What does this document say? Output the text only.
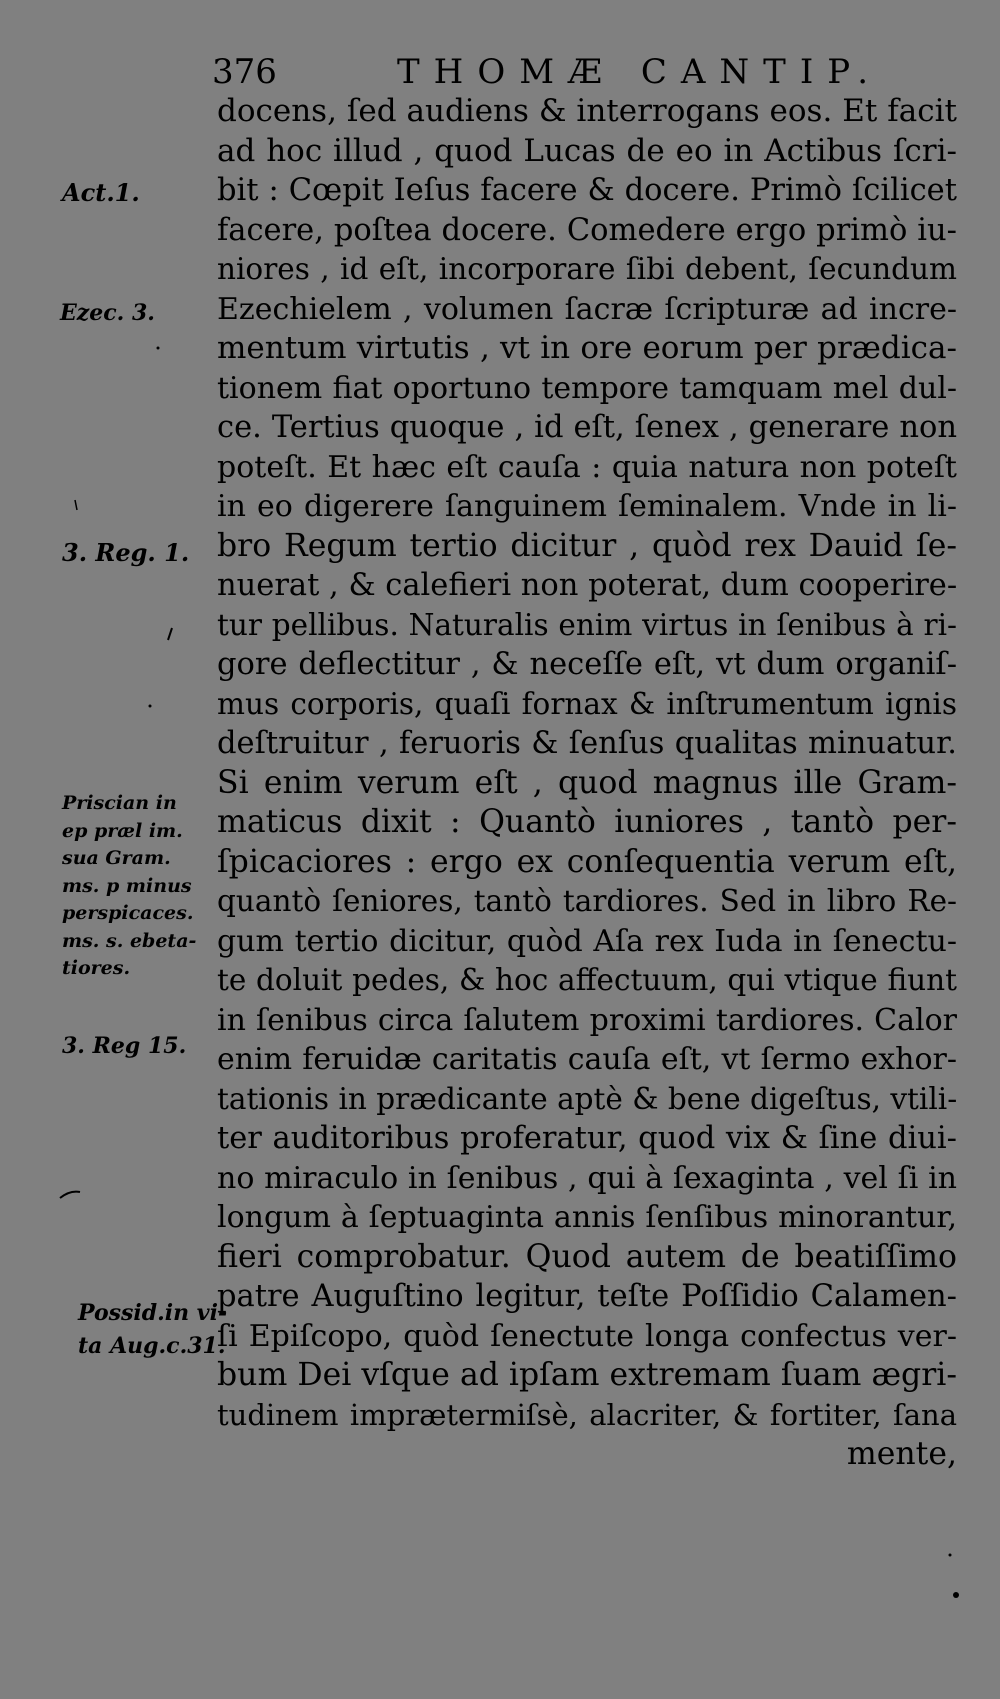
376	THOMÆ CANTIP.
Act.1.
Ezec. 3.
3. Reg. 1.
Priscian in
ep præl im.
sua Gram.
ms. p minus
perspicaces.
ms. s. ebeta-
tiores.
3. Reg 15.
Possid.in vi-
ta Aug.c.31.
docens, ſed audiens & interrogans eos. Et facit
ad hoc illud , quod Lucas de eo in Actibus ſcri-
bit : Cœpit Ieſus facere & docere. Primò ſcilicet
facere, poſtea docere. Comedere ergo primò iu-
niores , id eſt, incorporare ſibi debent, ſecundum
Ezechielem , volumen ſacræ ſcripturæ ad incre-
mentum virtutis , vt in ore eorum per prædica-
tionem fiat oportuno tempore tamquam mel dul-
ce. Tertius quoque , id eſt, ſenex , generare non
poteſt. Et hæc eſt cauſa : quia natura non poteſt
in eo digerere ſanguinem ſeminalem. Vnde in li-
bro Regum tertio dicitur , quòd rex Dauid ſe-
nuerat , & calefieri non poterat, dum cooperire-
tur pellibus. Naturalis enim virtus in ſenibus à ri-
gore deflectitur , & neceſſe eſt, vt dum organiſ-
mus corporis, quaſi fornax & inſtrumentum ignis
deſtruitur , feruoris & ſenſus qualitas minuatur.
Si enim verum eſt , quod magnus ille Gram-
maticus dixit : Quantò iuniores , tantò per-
ſpicaciores : ergo ex conſequentia verum eſt,
quantò ſeniores, tantò tardiores. Sed in libro Re-
gum tertio dicitur, quòd Aſa rex Iuda in ſenectu-
te doluit pedes, & hoc affectuum, qui vtique fiunt
in ſenibus circa ſalutem proximi tardiores. Calor
enim feruidæ caritatis cauſa eſt, vt ſermo exhor-
tationis in prædicante aptè & bene digeſtus, vtili-
ter auditoribus proferatur, quod vix & ſine diui-
no miraculo in ſenibus , qui à ſexaginta , vel ſi in
longum à ſeptuaginta annis ſenſibus minorantur,
fieri comprobatur. Quod autem de beatiſſimo
patre Auguſtino legitur, teſte Poſſidio Calamen-
ſi Epiſcopo, quòd ſenectute longa confectus ver-
bum Dei vſque ad ipſam extremam ſuam ægri-
tudinem imprætermiſsè, alacriter, & fortiter, ſana
mente,
